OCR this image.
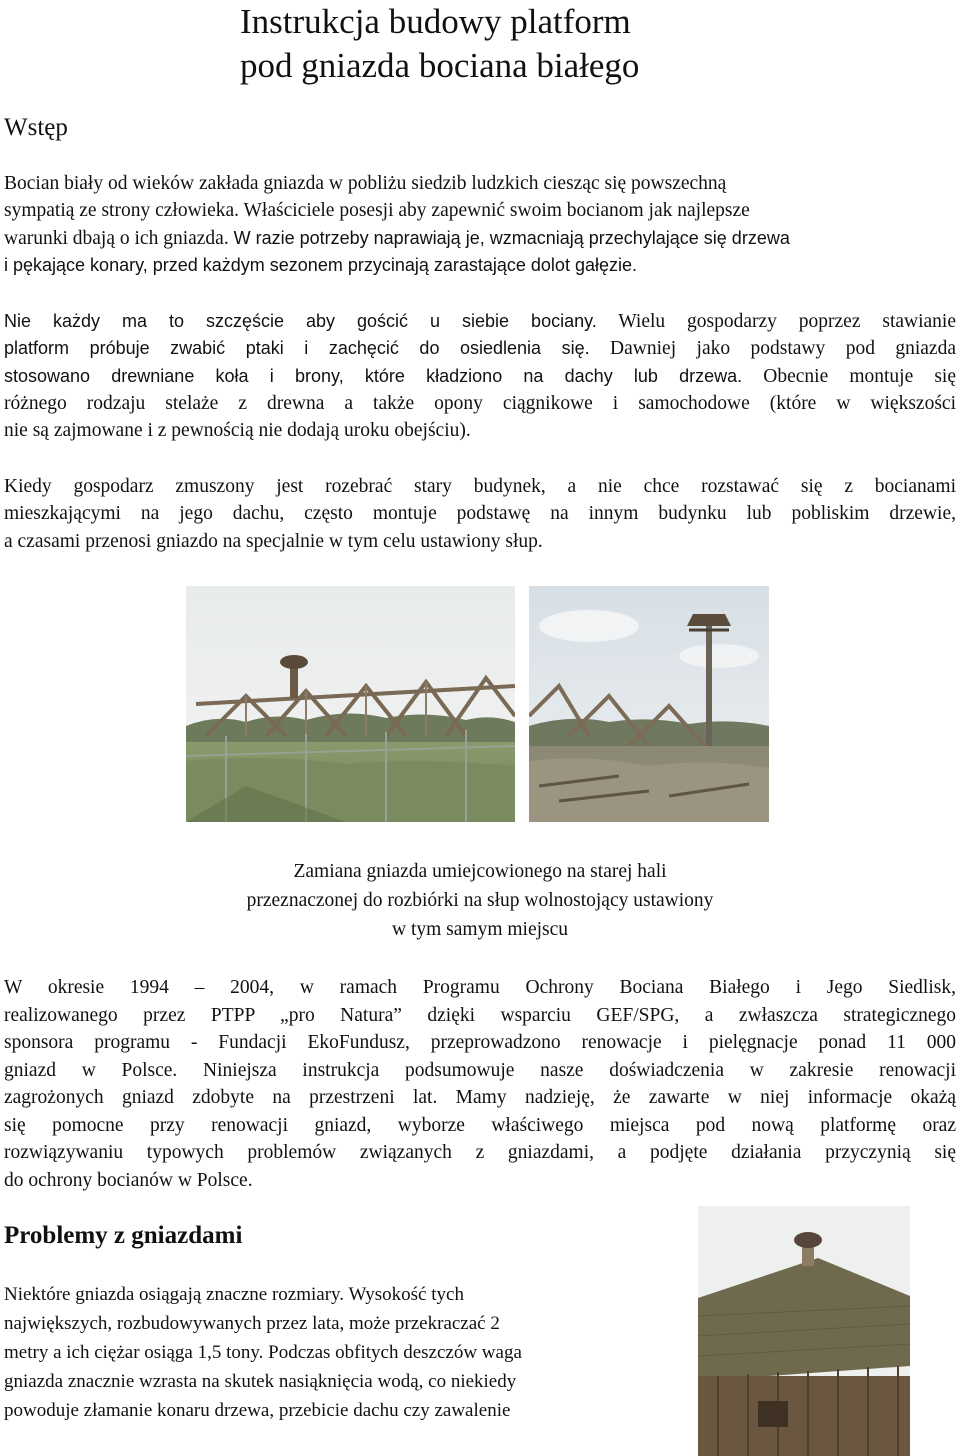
Instrukcja budowy platform
pod gniazda bociana białego
Wstęp
Bocian biały od wieków zakłada gniazda w pobliżu siedzib ludzkich ciesząc się powszechną
sympatią ze strony człowieka. Właściciele posesji aby zapewnić swoim bocianom jak najlepsze
warunki dbają o ich gniazda. W razie potrzeby naprawiają je, wzmacniają przechylające się drzewa
i pękające konary, przed każdym sezonem przycinają zarastające dolot gałęzie.
Nie każdy ma to szczęście aby gościć u siebie bociany. Wielu gospodarzy poprzez stawianie
platform próbuje zwabić ptaki i zachęcić do osiedlenia się. Dawniej jako podstawy pod gniazda
stosowano drewniane koła i brony, które kładziono na dachy lub drzewa. Obecnie montuje się
różnego rodzaju stelaże z drewna a także opony ciągnikowe i samochodowe (które w większości
nie są zajmowane i z pewnością nie dodają uroku obejściu).
Kiedy gospodarz zmuszony jest rozebrać stary budynek, a nie chce rozstawać się z bocianami
mieszkającymi na jego dachu, często montuje podstawę na innym budynku lub pobliskim drzewie,
a czasami przenosi gniazdo na specjalnie w tym celu ustawiony słup.
Zamiana gniazda umiejcowionego na starej hali
przeznaczonej do rozbiórki na słup wolnostojący ustawiony
w tym samym miejscu
W okresie 1994 – 2004, w ramach Programu Ochrony Bociana Białego i Jego Siedlisk,
realizowanego przez PTPP „pro Natura” dzięki wsparciu GEF/SPG, a zwłaszcza strategicznego
sponsora programu - Fundacji EkoFundusz, przeprowadzono renowacje i pielęgnacje ponad 11 000
gniazd w Polsce. Niniejsza instrukcja podsumowuje nasze doświadczenia w zakresie renowacji
zagrożonych gniazd zdobyte na przestrzeni lat. Mamy nadzieję, że zawarte w niej informacje okażą
się pomocne przy renowacji gniazd, wyborze właściwego miejsca pod nową platformę oraz
rozwiązywaniu typowych problemów związanych z gniazdami, a podjęte działania przyczynią się
do ochrony bocianów w Polsce.
Problemy z gniazdami
Niektóre gniazda osiągają znaczne rozmiary. Wysokość tych
największych, rozbudowywanych przez lata, może przekraczać 2
metry a ich ciężar osiąga 1,5 tony. Podczas obfitych deszczów waga
gniazda znacznie wzrasta na skutek nasiąknięcia wodą, co niekiedy
powoduje złamanie konaru drzewa, przebicie dachu czy zawalenie
